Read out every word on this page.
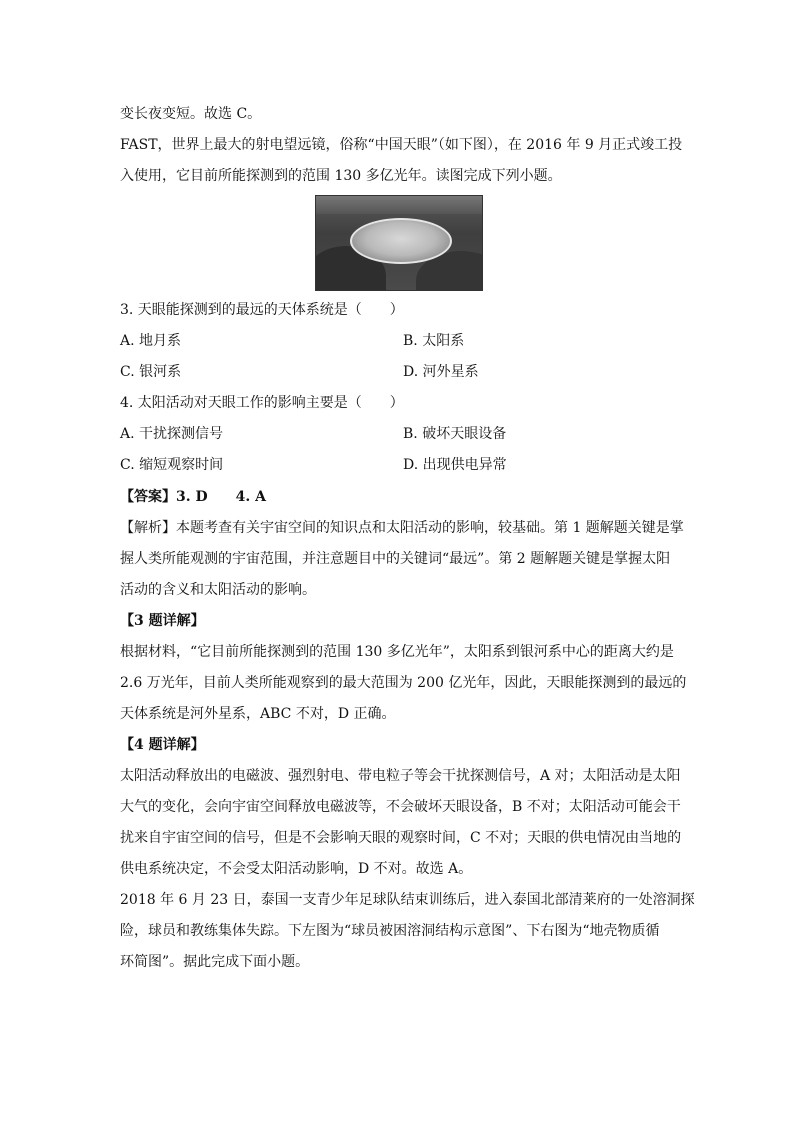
变长夜变短。故选 C。
FAST，世界上最大的射电望远镜，俗称“中国天眼”（如下图），在 2016 年 9 月正式竣工投
入使用，它目前所能探测到的范围 130 多亿光年。读图完成下列小题。
3. 天眼能探测到的最远的天体系统是（　　）
A. 地月系	B. 太阳系
C. 银河系	D. 河外星系
4. 太阳活动对天眼工作的影响主要是（　　）
A. 干扰探测信号	B. 破坏天眼设备
C. 缩短观察时间	D. 出现供电异常
【答案】3. D　　4. A
【解析】本题考查有关宇宙空间的知识点和太阳活动的影响，较基础。第 1 题解题关键是掌
握人类所能观测的宇宙范围，并注意题目中的关键词“最远”。第 2 题解题关键是掌握太阳
活动的含义和太阳活动的影响。
【3 题详解】
根据材料，“它目前所能探测到的范围 130 多亿光年”，太阳系到银河系中心的距离大约是
2.6 万光年，目前人类所能观察到的最大范围为 200 亿光年，因此，天眼能探测到的最远的
天体系统是河外星系，ABC 不对，D 正确。
【4 题详解】
太阳活动释放出的电磁波、强烈射电、带电粒子等会干扰探测信号，A 对；太阳活动是太阳
大气的变化，会向宇宙空间释放电磁波等，不会破坏天眼设备，B 不对；太阳活动可能会干
扰来自宇宙空间的信号，但是不会影响天眼的观察时间，C 不对；天眼的供电情况由当地的
供电系统决定，不会受太阳活动影响，D 不对。故选 A。
2018 年 6 月 23 日，泰国一支青少年足球队结束训练后，进入泰国北部清莱府的一处溶洞探
险，球员和教练集体失踪。下左图为“球员被困溶洞结构示意图”、下右图为“地壳物质循
环简图”。据此完成下面小题。
